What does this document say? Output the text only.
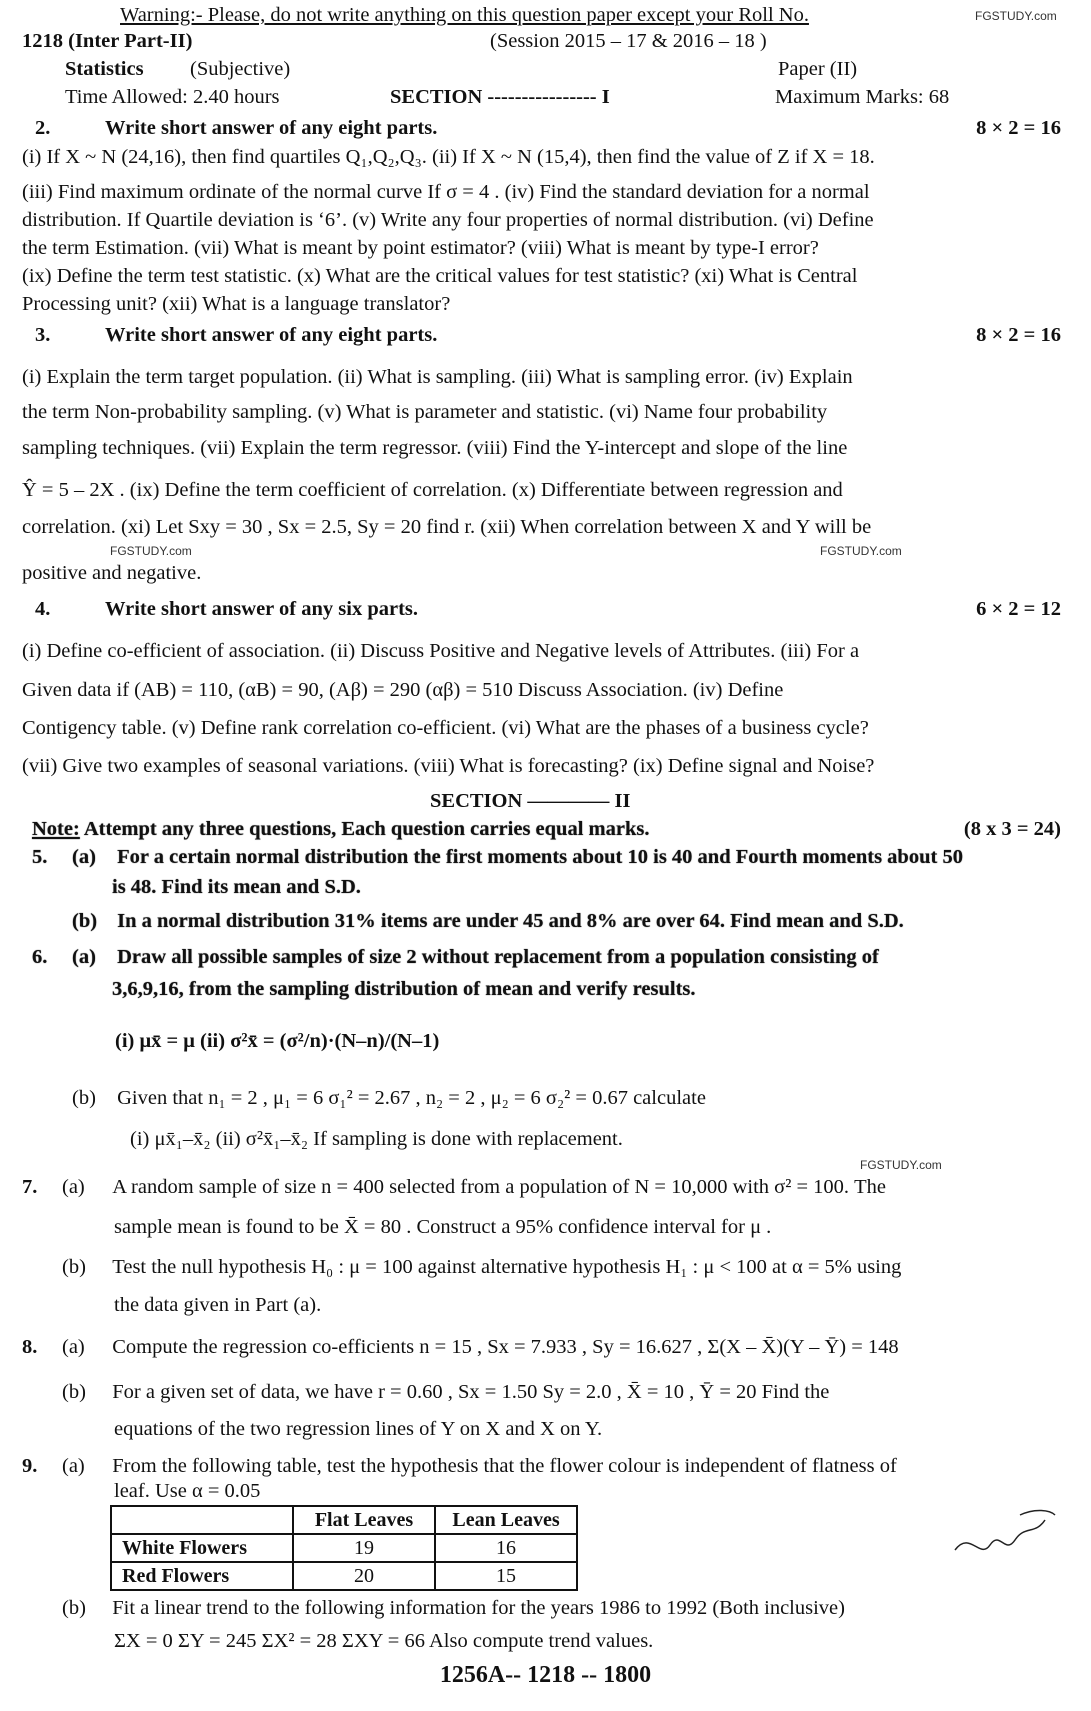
Warning:- Please, do not write anything on this question paper except your Roll No.
1218 (Inter Part-II)	(Session 2015 – 17 & 2016 – 18 )
Statistics	(Subjective)	Paper (II)
Time Allowed: 2.40 hours	SECTION ---------------- I	Maximum Marks: 68
FGSTUDY.com
FGSTUDY.com	FGSTUDY.com
FGSTUDY.com
2.	Write short answer of any eight parts.	8 × 2 = 16
(i) If X ~ N (24,16), then find quartiles Q₁,Q₂,Q₃. (ii) If X ~ N (15,4), then find the value of Z if X = 18.
(iii) Find maximum ordinate of the normal curve If σ = 4 . (iv) Find the standard deviation for a normal
distribution. If Quartile deviation is ‘6’. (v) Write any four properties of normal distribution. (vi) Define
the term Estimation. (vii) What is meant by point estimator? (viii) What is meant by type-I error?
(ix) Define the term test statistic. (x) What are the critical values for test statistic? (xi) What is Central
Processing unit? (xii) What is a language translator?
3.	Write short answer of any eight parts.	8 × 2 = 16
(i) Explain the term target population. (ii) What is sampling. (iii) What is sampling error. (iv) Explain
the term Non-probability sampling. (v) What is parameter and statistic. (vi) Name four probability
sampling techniques. (vii) Explain the term regressor. (viii) Find the Y-intercept and slope of the line
Ŷ = 5 – 2X . (ix) Define the term coefficient of correlation. (x) Differentiate between regression and
correlation. (xi) Let Sxy = 30 , Sx = 2.5, Sy = 20 find r. (xii) When correlation between X and Y will be
positive and negative.
4.	Write short answer of any six parts.	6 × 2 = 12
(i) Define co-efficient of association. (ii) Discuss Positive and Negative levels of Attributes. (iii) For a
Given data if (AB) = 110, (αB) = 90, (Aβ) = 290 (αβ) = 510 Discuss Association. (iv) Define
Contigency table. (v) Define rank correlation co-efficient. (vi) What are the phases of a business cycle?
(vii) Give two examples of seasonal variations. (viii) What is forecasting? (ix) Define signal and Noise?
SECTION ———— II
Note: Attempt any three questions, Each question carries equal marks.	(8 x 3 = 24)
5. (a) For a certain normal distribution the first moments about 10 is 40 and Fourth moments about 50
is 48. Find its mean and S.D.
(b) In a normal distribution 31% items are under 45 and 8% are over 64. Find mean and S.D.
6. (a) Draw all possible samples of size 2 without replacement from a population consisting of
3,6,9,16, from the sampling distribution of mean and verify results.
(i) μx̄ = μ (ii) σ²x̄ = (σ²/n)·(N–n)/(N–1)
(b) Given that n₁ = 2 , μ₁ = 6 σ₁² = 2.67 , n₂ = 2 , μ₂ = 6 σ₂² = 0.67 calculate
(i) μx̄₁–x̄₂ (ii) σ²x̄₁–x̄₂ If sampling is done with replacement.
7. (a) A random sample of size n = 400 selected from a population of N = 10,000 with σ² = 100. The
sample mean is found to be X̄ = 80 . Construct a 95% confidence interval for μ .
(b) Test the null hypothesis H₀ : μ = 100 against alternative hypothesis H₁ : μ < 100 at α = 5% using
the data given in Part (a).
8. (a) Compute the regression co-efficients n = 15 , Sx = 7.933 , Sy = 16.627 , Σ(X – X̄)(Y – Ȳ) = 148
(b) For a given set of data, we have r = 0.60 , Sx = 1.50 Sy = 2.0 , X̄ = 10 , Ȳ = 20 Find the
equations of the two regression lines of Y on X and X on Y.
9. (a) From the following table, test the hypothesis that the flower colour is independent of flatness of
leaf. Use α = 0.05
	Flat Leaves	Lean Leaves
White Flowers	19	16
Red Flowers	20	15
(b) Fit a linear trend to the following information for the years 1986 to 1992 (Both inclusive)
ΣX = 0 ΣY = 245 ΣX² = 28 ΣXY = 66 Also compute trend values.
1256A-- 1218 -- 1800
